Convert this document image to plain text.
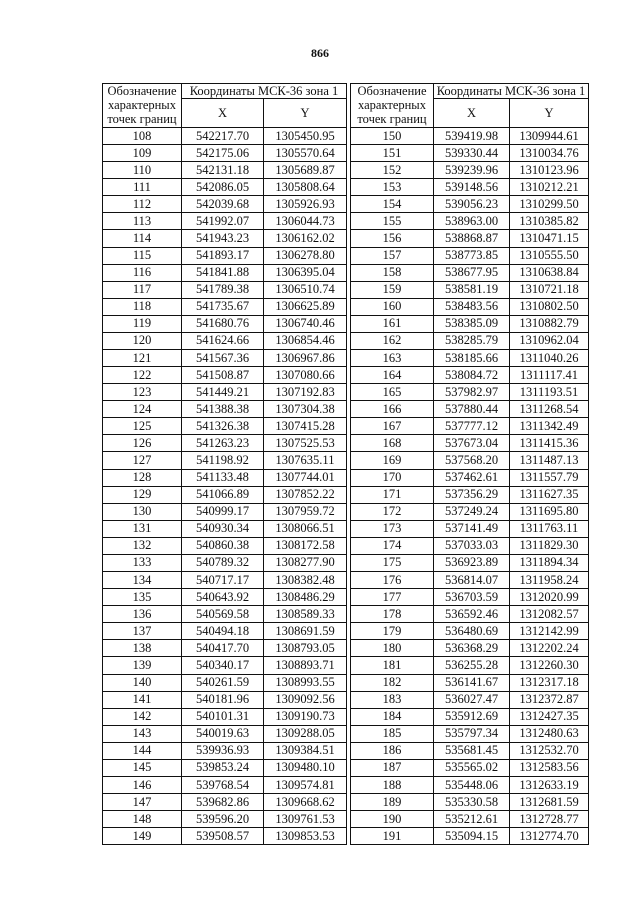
866
Обозначение характерных точек границ	Координаты МСК-36 зона 1	
	X	Y
108	542217.70	1305450.95
109	542175.06	1305570.64
110	542131.18	1305689.87
111	542086.05	1305808.64
112	542039.68	1305926.93
113	541992.07	1306044.73
114	541943.23	1306162.02
115	541893.17	1306278.80
116	541841.88	1306395.04
117	541789.38	1306510.74
118	541735.67	1306625.89
119	541680.76	1306740.46
120	541624.66	1306854.46
121	541567.36	1306967.86
122	541508.87	1307080.66
123	541449.21	1307192.83
124	541388.38	1307304.38
125	541326.38	1307415.28
126	541263.23	1307525.53
127	541198.92	1307635.11
128	541133.48	1307744.01
129	541066.89	1307852.22
130	540999.17	1307959.72
131	540930.34	1308066.51
132	540860.38	1308172.58
133	540789.32	1308277.90
134	540717.17	1308382.48
135	540643.92	1308486.29
136	540569.58	1308589.33
137	540494.18	1308691.59
138	540417.70	1308793.05
139	540340.17	1308893.71
140	540261.59	1308993.55
141	540181.96	1309092.56
142	540101.31	1309190.73
143	540019.63	1309288.05
144	539936.93	1309384.51
145	539853.24	1309480.10
146	539768.54	1309574.81
147	539682.86	1309668.62
148	539596.20	1309761.53
149	539508.57	1309853.53
Обозначение характерных точек границ	Координаты МСК-36 зона 1	
	X	Y
150	539419.98	1309944.61
151	539330.44	1310034.76
152	539239.96	1310123.96
153	539148.56	1310212.21
154	539056.23	1310299.50
155	538963.00	1310385.82
156	538868.87	1310471.15
157	538773.85	1310555.50
158	538677.95	1310638.84
159	538581.19	1310721.18
160	538483.56	1310802.50
161	538385.09	1310882.79
162	538285.79	1310962.04
163	538185.66	1311040.26
164	538084.72	1311117.41
165	537982.97	1311193.51
166	537880.44	1311268.54
167	537777.12	1311342.49
168	537673.04	1311415.36
169	537568.20	1311487.13
170	537462.61	1311557.79
171	537356.29	1311627.35
172	537249.24	1311695.80
173	537141.49	1311763.11
174	537033.03	1311829.30
175	536923.89	1311894.34
176	536814.07	1311958.24
177	536703.59	1312020.99
178	536592.46	1312082.57
179	536480.69	1312142.99
180	536368.29	1312202.24
181	536255.28	1312260.30
182	536141.67	1312317.18
183	536027.47	1312372.87
184	535912.69	1312427.35
185	535797.34	1312480.63
186	535681.45	1312532.70
187	535565.02	1312583.56
188	535448.06	1312633.19
189	535330.58	1312681.59
190	535212.61	1312728.77
191	535094.15	1312774.70
